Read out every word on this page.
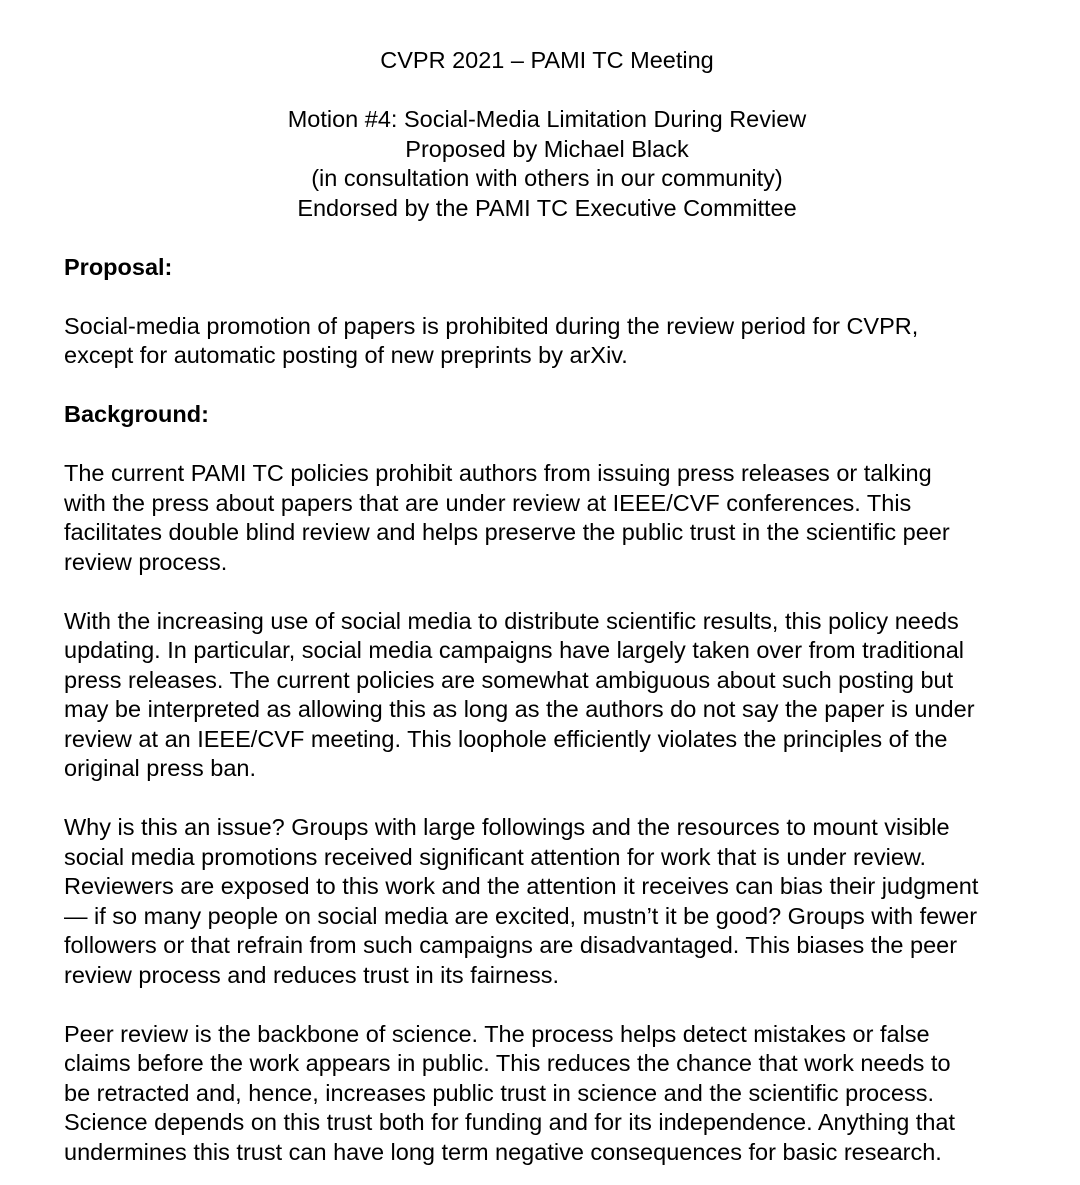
CVPR 2021 – PAMI TC Meeting
Motion #4: Social-Media Limitation During Review
Proposed by Michael Black
(in consultation with others in our community)
Endorsed by the PAMI TC Executive Committee
Proposal:

Social-media promotion of papers is prohibited during the review period for CVPR,
except for automatic posting of new preprints by arXiv.

Background:

The current PAMI TC policies prohibit authors from issuing press releases or talking
with the press about papers that are under review at IEEE/CVF conferences. This
facilitates double blind review and helps preserve the public trust in the scientific peer
review process.

With the increasing use of social media to distribute scientific results, this policy needs
updating. In particular, social media campaigns have largely taken over from traditional
press releases. The current policies are somewhat ambiguous about such posting but
may be interpreted as allowing this as long as the authors do not say the paper is under
review at an IEEE/CVF meeting. This loophole efficiently violates the principles of the
original press ban.

Why is this an issue? Groups with large followings and the resources to mount visible
social media promotions received significant attention for work that is under review.
Reviewers are exposed to this work and the attention it receives can bias their judgment
— if so many people on social media are excited, mustn’t it be good? Groups with fewer
followers or that refrain from such campaigns are disadvantaged. This biases the peer
review process and reduces trust in its fairness.

Peer review is the backbone of science. The process helps detect mistakes or false
claims before the work appears in public. This reduces the chance that work needs to
be retracted and, hence, increases public trust in science and the scientific process.
Science depends on this trust both for funding and for its independence. Anything that
undermines this trust can have long term negative consequences for basic research.
